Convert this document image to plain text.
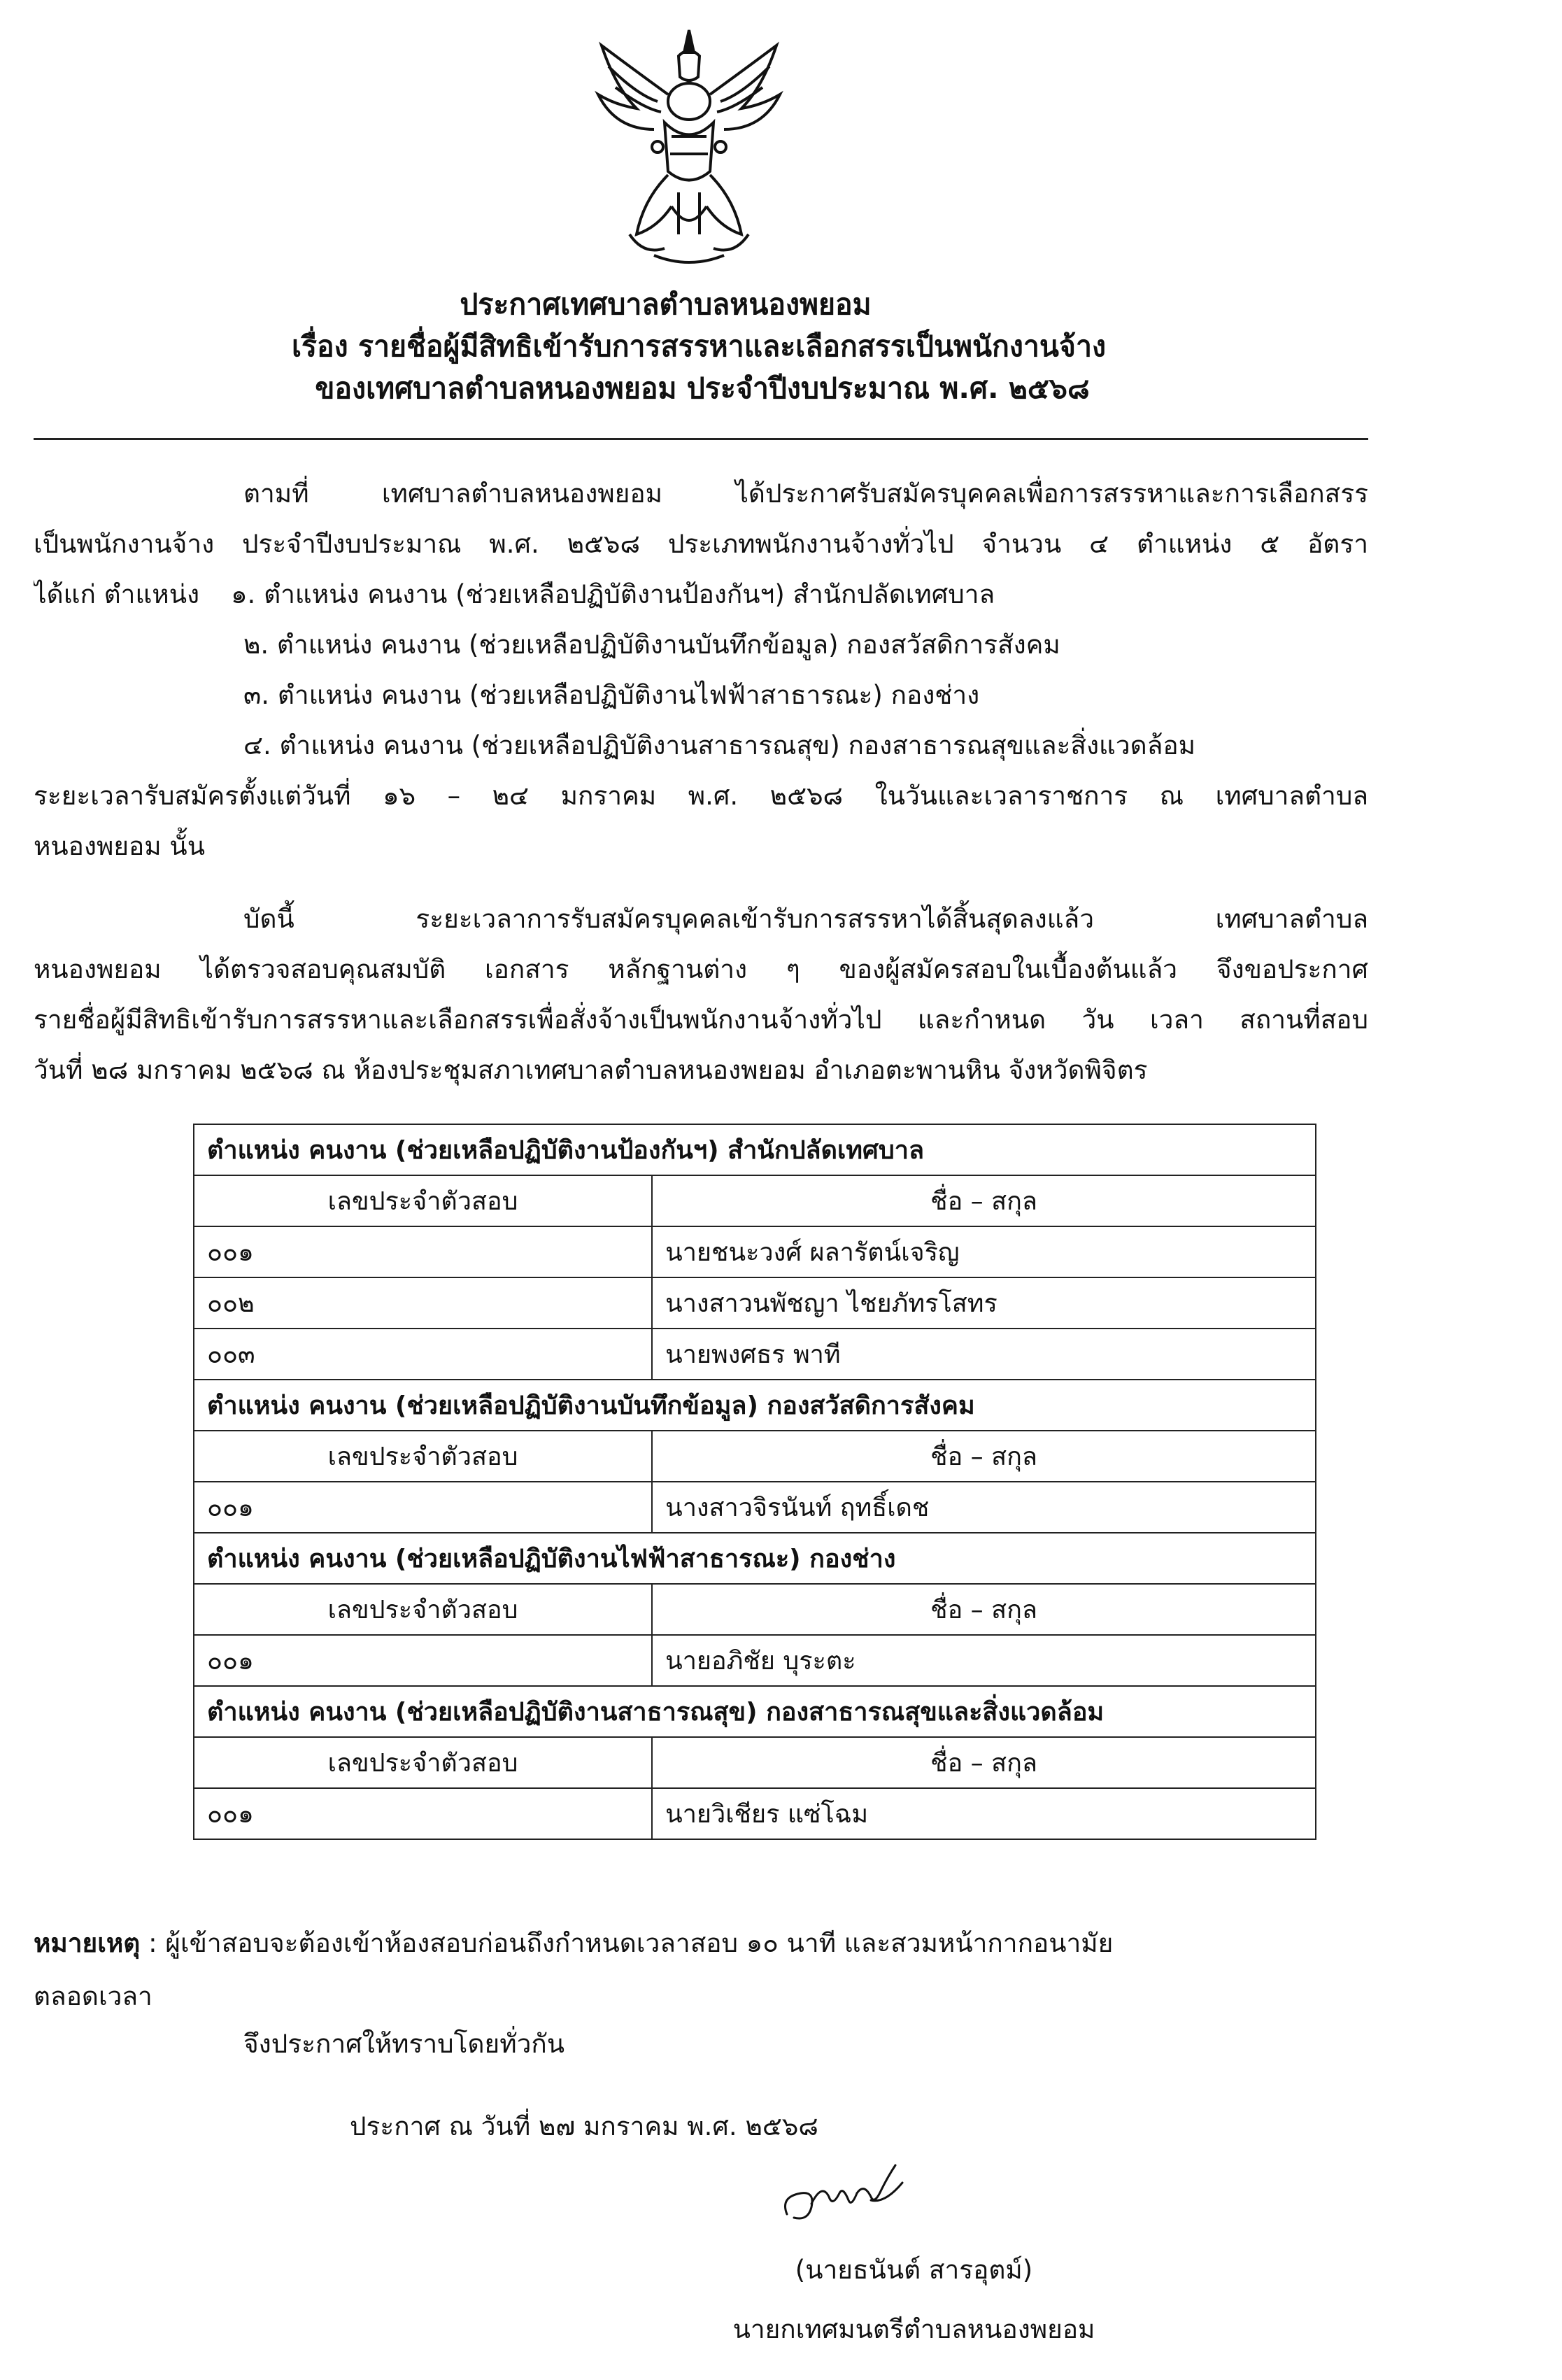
ประกาศเทศบาลตำบลหนองพยอม
เรื่อง รายชื่อผู้มีสิทธิเข้ารับการสรรหาและเลือกสรรเป็นพนักงานจ้าง
ของเทศบาลตำบลหนองพยอม ประจำปีงบประมาณ พ.ศ. ๒๕๖๘
ตามที่ เทศบาลตำบลหนองพยอม ได้ประกาศรับสมัครบุคคลเพื่อการสรรหาและการเลือกสรร
เป็นพนักงานจ้าง ประจำปีงบประมาณ พ.ศ. ๒๕๖๘ ประเภทพนักงานจ้างทั่วไป จำนวน ๔ ตำแหน่ง ๕ อัตรา
ได้แก่ ตำแหน่ง ๑. ตำแหน่ง คนงาน (ช่วยเหลือปฏิบัติงานป้องกันฯ) สำนักปลัดเทศบาล
๒. ตำแหน่ง คนงาน (ช่วยเหลือปฏิบัติงานบันทึกข้อมูล) กองสวัสดิการสังคม
๓. ตำแหน่ง คนงาน (ช่วยเหลือปฏิบัติงานไฟฟ้าสาธารณะ) กองช่าง
๔. ตำแหน่ง คนงาน (ช่วยเหลือปฏิบัติงานสาธารณสุข) กองสาธารณสุขและสิ่งแวดล้อม
ระยะเวลารับสมัครตั้งแต่วันที่ ๑๖ – ๒๔ มกราคม พ.ศ. ๒๕๖๘ ในวันและเวลาราชการ ณ เทศบาลตำบล
หนองพยอม นั้น
บัดนี้ ระยะเวลาการรับสมัครบุคคลเข้ารับการสรรหาได้สิ้นสุดลงแล้ว เทศบาลตำบล
หนองพยอม ได้ตรวจสอบคุณสมบัติ เอกสาร หลักฐานต่าง ๆ ของผู้สมัครสอบในเบื้องต้นแล้ว จึงขอประกาศ
รายชื่อผู้มีสิทธิเข้ารับการสรรหาและเลือกสรรเพื่อสั่งจ้างเป็นพนักงานจ้างทั่วไป และกำหนด วัน เวลา สถานที่สอบ
วันที่ ๒๘ มกราคม ๒๕๖๘ ณ ห้องประชุมสภาเทศบาลตำบลหนองพยอม อำเภอตะพานหิน จังหวัดพิจิตร
ตำแหน่ง คนงาน (ช่วยเหลือปฏิบัติงานป้องกันฯ) สำนักปลัดเทศบาล	
เลขประจำตัวสอบ	ชื่อ – สกุล
๐๐๑	นายชนะวงศ์ ผลารัตน์เจริญ
๐๐๒	นางสาวนพัชญา ไชยภัทรโสทร
๐๐๓	นายพงศธร พาที
ตำแหน่ง คนงาน (ช่วยเหลือปฏิบัติงานบันทึกข้อมูล) กองสวัสดิการสังคม	
เลขประจำตัวสอบ	ชื่อ – สกุล
๐๐๑	นางสาวจิรนันท์ ฤทธิ์เดช
ตำแหน่ง คนงาน (ช่วยเหลือปฏิบัติงานไฟฟ้าสาธารณะ) กองช่าง	
เลขประจำตัวสอบ	ชื่อ – สกุล
๐๐๑	นายอภิชัย บุระตะ
ตำแหน่ง คนงาน (ช่วยเหลือปฏิบัติงานสาธารณสุข) กองสาธารณสุขและสิ่งแวดล้อม	
เลขประจำตัวสอบ	ชื่อ – สกุล
๐๐๑	นายวิเชียร แซ่โฉม
หมายเหตุ : ผู้เข้าสอบจะต้องเข้าห้องสอบก่อนถึงกำหนดเวลาสอบ ๑๐ นาที และสวมหน้ากากอนามัย
ตลอดเวลา
จึงประกาศให้ทราบโดยทั่วกัน
ประกาศ ณ วันที่ ๒๗ มกราคม พ.ศ. ๒๕๖๘
(นายธนันต์ สารอุตม์)
นายกเทศมนตรีตำบลหนองพยอม
